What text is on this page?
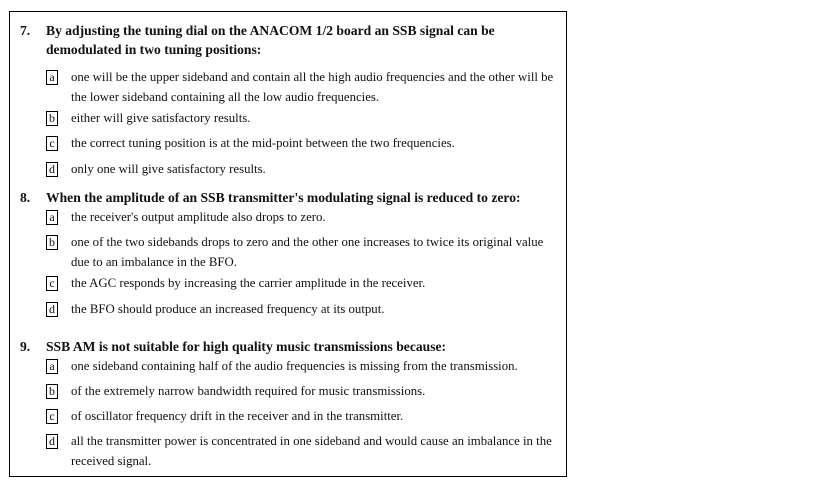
7. By adjusting the tuning dial on the ANACOM 1/2 board an SSB signal can be demodulated in two tuning positions:
a one will be the upper sideband and contain all the high audio frequencies and the other will be the lower sideband containing all the low audio frequencies.
b either will give satisfactory results.
c the correct tuning position is at the mid-point between the two frequencies.
d only one will give satisfactory results.
8. When the amplitude of an SSB transmitter's modulating signal is reduced to zero:
a the receiver's output amplitude also drops to zero.
b one of the two sidebands drops to zero and the other one increases to twice its original value due to an imbalance in the BFO.
c the AGC responds by increasing the carrier amplitude in the receiver.
d the BFO should produce an increased frequency at its output.
9. SSB AM is not suitable for high quality music transmissions because:
a one sideband containing half of the audio frequencies is missing from the transmission.
b of the extremely narrow bandwidth required for music transmissions.
c of oscillator frequency drift in the receiver and in the transmitter.
d all the transmitter power is concentrated in one sideband and would cause an imbalance in the received signal.
